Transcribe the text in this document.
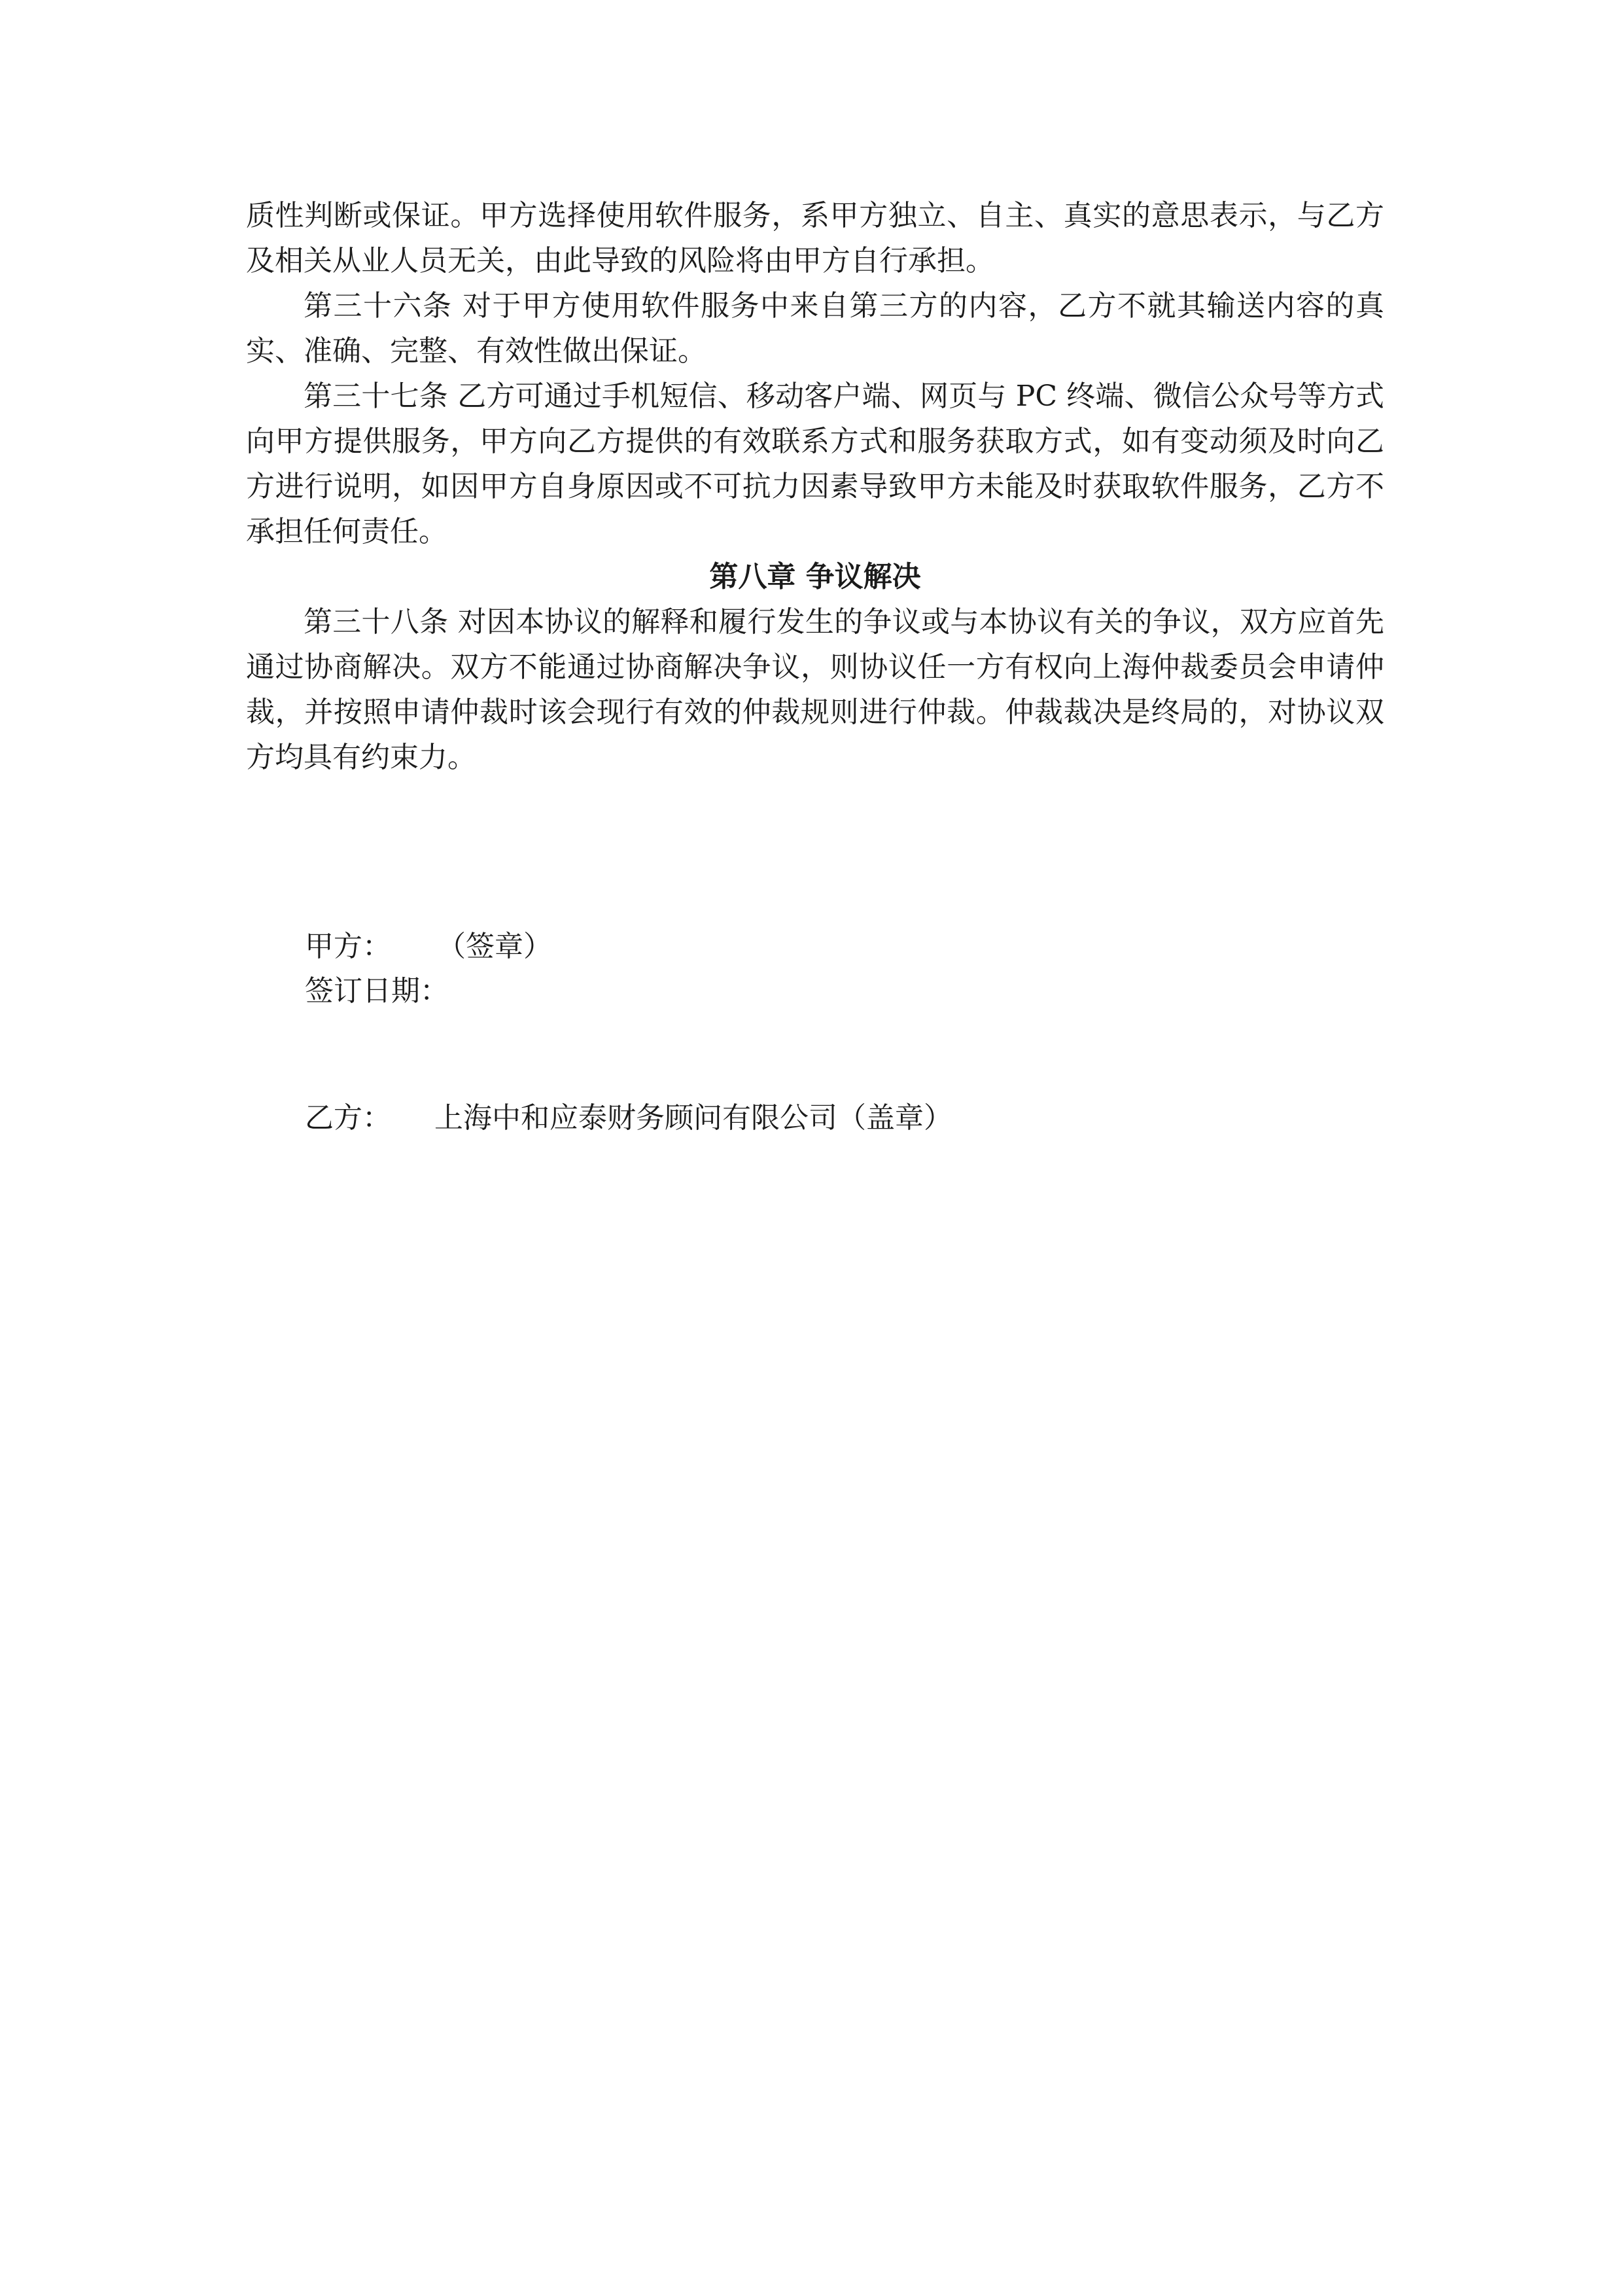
质性判断或保证。甲方选择使用软件服务，系甲方独立、自主、真实的意思表示，与乙方及相关从业人员无关，由此导致的风险将由甲方自行承担。

第三十六条 对于甲方使用软件服务中来自第三方的内容，乙方不就其输送内容的真实、准确、完整、有效性做出保证。

第三十七条 乙方可通过手机短信、移动客户端、网页与 PC 终端、微信公众号等方式向甲方提供服务，甲方向乙方提供的有效联系方式和服务获取方式，如有变动须及时向乙方进行说明，如因甲方自身原因或不可抗力因素导致甲方未能及时获取软件服务，乙方不承担任何责任。

第八章 争议解决

第三十八条 对因本协议的解释和履行发生的争议或与本协议有关的争议，双方应首先通过协商解决。双方不能通过协商解决争议，则协议任一方有权向上海仲裁委员会申请仲裁，并按照申请仲裁时该会现行有效的仲裁规则进行仲裁。仲裁裁决是终局的，对协议双方均具有约束力。

甲方： （签章）
签订日期：
乙方： 上海中和应泰财务顾问有限公司（盖章）
